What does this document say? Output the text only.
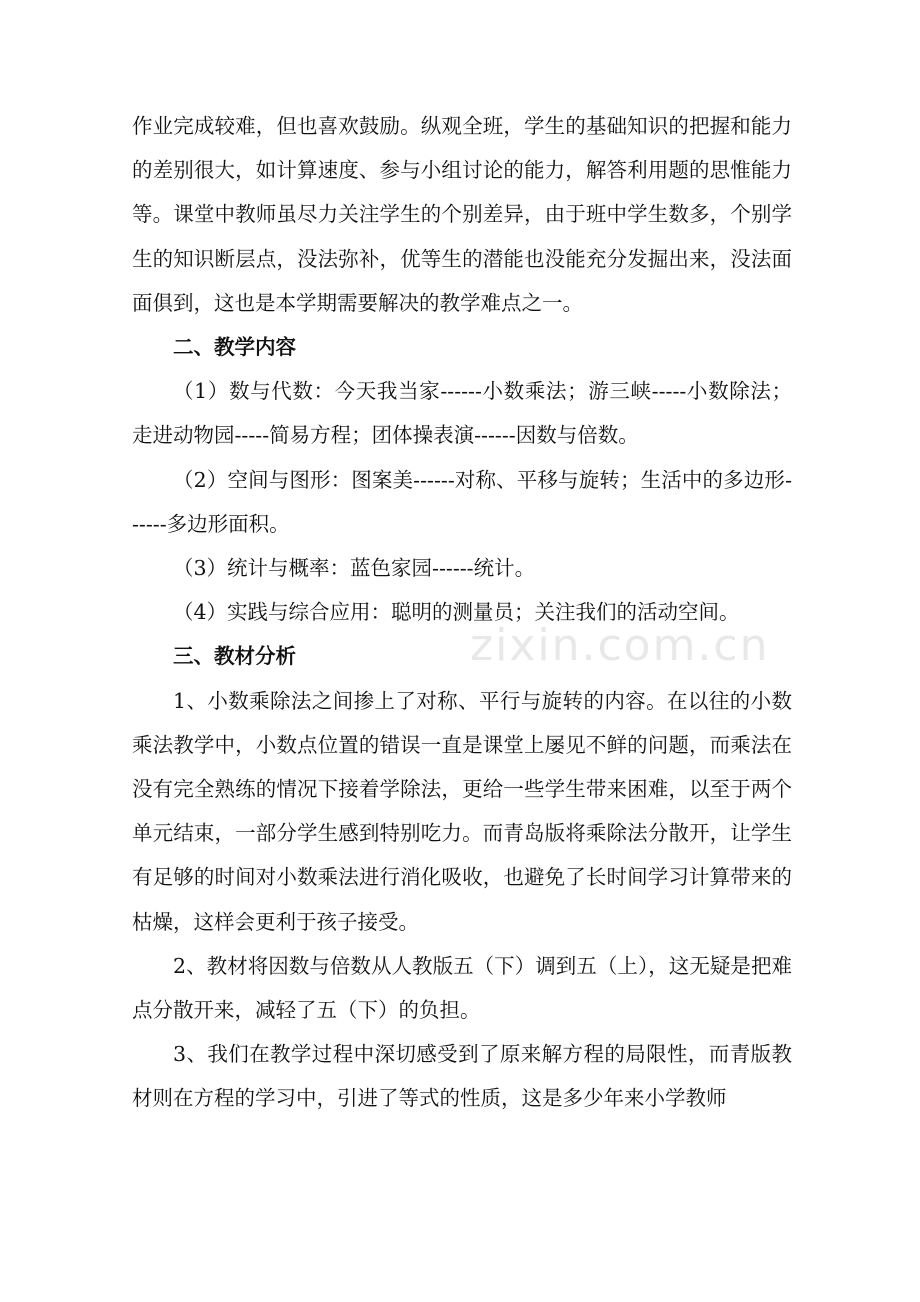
作业完成较难，但也喜欢鼓励。纵观全班，学生的基础知识的把握和能力的差别很大，如计算速度、参与小组讨论的能力，解答利用题的思惟能力等。课堂中教师虽尽力关注学生的个别差异，由于班中学生数多，个别学生的知识断层点，没法弥补，优等生的潜能也没能充分发掘出来，没法面面俱到，这也是本学期需要解决的教学难点之一。

二、教学内容

（1）数与代数：今天我当家------小数乘法；游三峡-----小数除法；走进动物园-----简易方程；团体操表演------因数与倍数。

（2）空间与图形：图案美------对称、平移与旋转；生活中的多边形------多边形面积。

（3）统计与概率：蓝色家园------统计。

（4）实践与综合应用：聪明的测量员；关注我们的活动空间。

三、教材分析

1、小数乘除法之间掺上了对称、平行与旋转的内容。在以往的小数乘法教学中，小数点位置的错误一直是课堂上屡见不鲜的问题，而乘法在没有完全熟练的情况下接着学除法，更给一些学生带来困难，以至于两个单元结束，一部分学生感到特别吃力。而青岛版将乘除法分散开，让学生有足够的时间对小数乘法进行消化吸收，也避免了长时间学习计算带来的枯燥，这样会更利于孩子接受。

2、教材将因数与倍数从人教版五（下）调到五（上），这无疑是把难点分散开来，减轻了五（下）的负担。

3、我们在教学过程中深切感受到了原来解方程的局限性，而青版教材则在方程的学习中，引进了等式的性质，这是多少年来小学教师

zixin.com.cn
